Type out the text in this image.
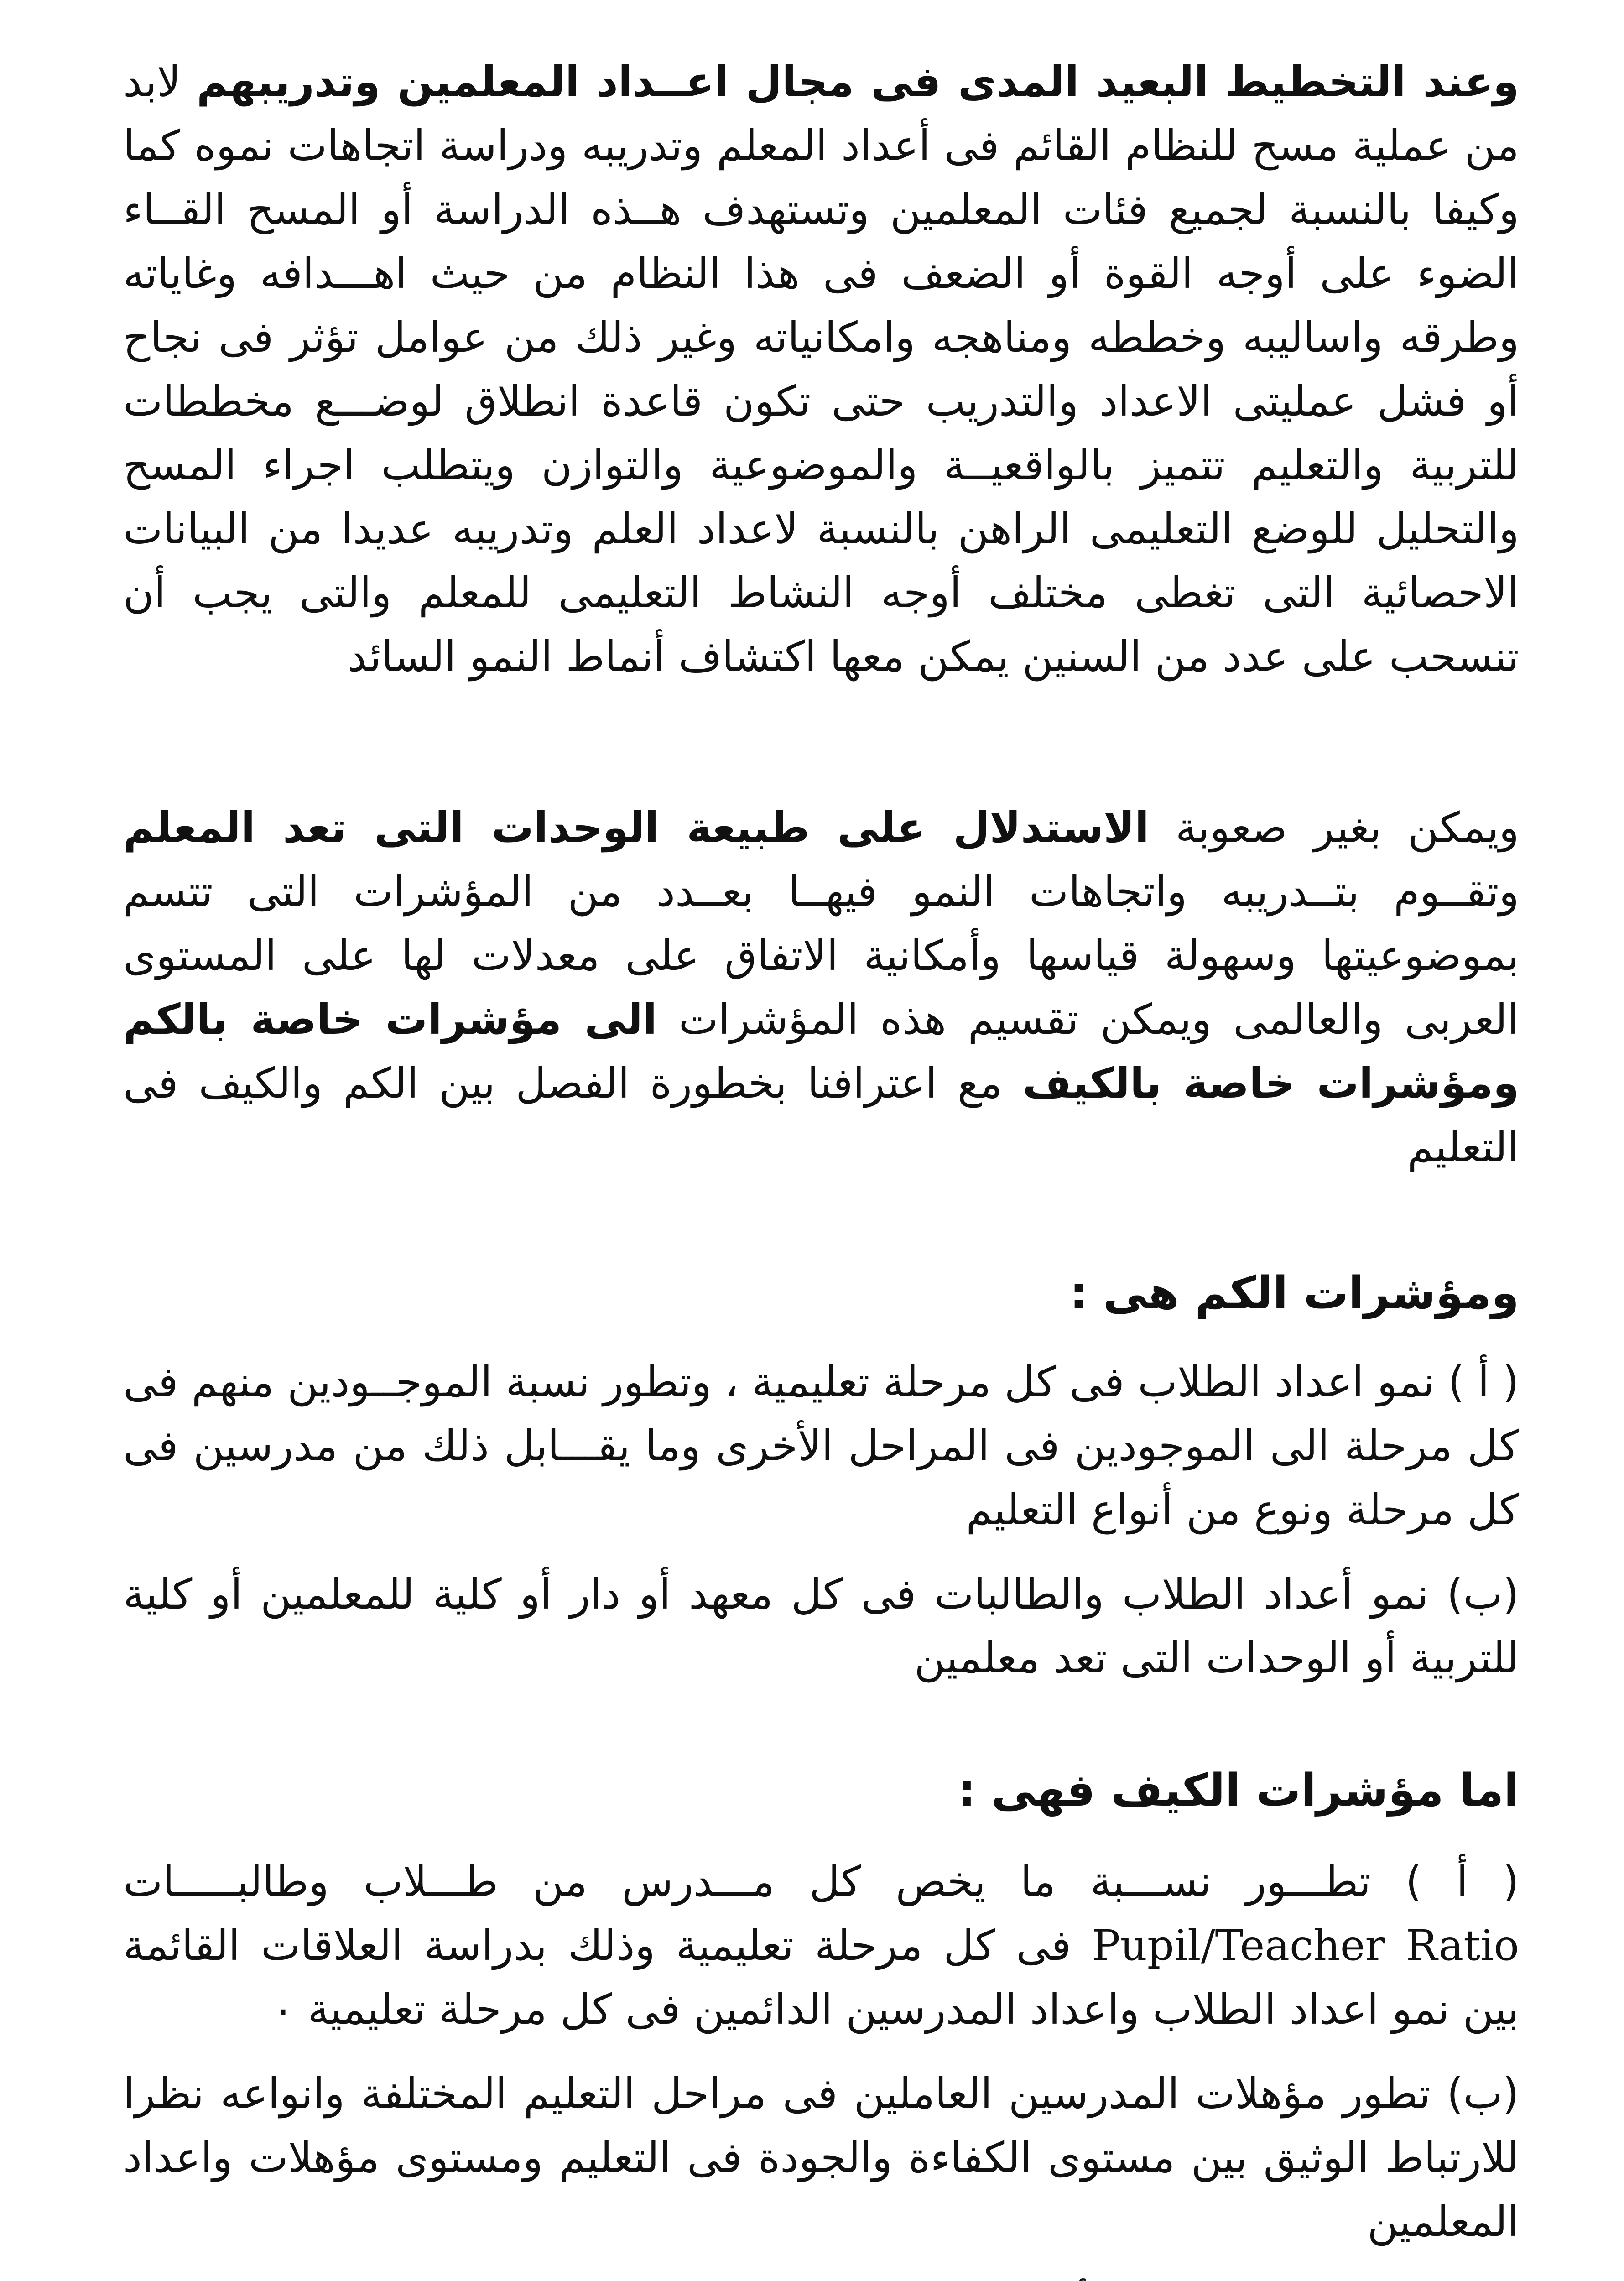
وعند التخطيط البعيد المدى فى مجال اعــداد المعلمين وتدريبهم لابد من عملية مسح للنظام القائم فى أعداد المعلم وتدريبه ودراسة اتجاهات نموه كما وكيفا بالنسبة لجميع فئات المعلمين وتستهدف هــذه الدراسة أو المسح القــاء الضوء على أوجه القوة أو الضعف فى هذا النظام من حيث اهـــدافه وغاياته وطرقه واساليبه وخططه ومناهجه وامكانياته وغير ذلك من عوامل تؤثر فى نجاح أو فشل عمليتى الاعداد والتدريب حتى تكون قاعدة انطلاق لوضـــع مخططات للتربية والتعليم تتميز بالواقعيــة والموضوعية والتوازن ويتطلب اجراء المسح والتحليل للوضع التعليمى الراهن بالنسبة لاعداد العلم وتدريبه عديدا من البيانات الاحصائية التى تغطى مختلف أوجه النشاط التعليمى للمعلم والتى يجب أن تنسحب على عدد من السنين يمكن معها اكتشاف أنماط النمو السائد

ويمكن بغير صعوبة الاستدلال على طبيعة الوحدات التى تعد المعلم وتقــوم بتــدريبه واتجاهات النمو فيهــا بعــدد من المؤشرات التى تتسم بموضوعيتها وسهولة قياسها وأمكانية الاتفاق على معدلات لها على المستوى العربى والعالمى ويمكن تقسيم هذه المؤشرات الى مؤشرات خاصة بالكم ومؤشرات خاصة بالكيف مع اعترافنا بخطورة الفصل بين الكم والكيف فى التعليم

ومؤشرات الكم هى :

( أ ) نمو اعداد الطلاب فى كل مرحلة تعليمية ، وتطور نسبة الموجــودين منهم فى كل مرحلة الى الموجودين فى المراحل الأخرى وما يقـــابل ذلك من مدرسين فى كل مرحلة ونوع من أنواع التعليم

(ب) نمو أعداد الطلاب والطالبات فى كل معهد أو دار أو كلية للمعلمين أو كلية للتربية أو الوحدات التى تعد معلمين

اما مؤشرات الكيف فهى :

( أ ) تطـــور نســـبة ما يخص كل مـــدرس من طـــلاب وطالبـــــات Pupil/Teacher Ratio فى كل مرحلة تعليمية وذلك بدراسة العلاقات القائمة بين نمو اعداد الطلاب واعداد المدرسين الدائمين فى كل مرحلة تعليمية ٠

(ب) تطور مؤهلات المدرسين العاملين فى مراحل التعليم المختلفة وانواعه نظرا للارتباط الوثيق بين مستوى الكفاءة والجودة فى التعليم ومستوى مؤهلات واعداد المعلمين
